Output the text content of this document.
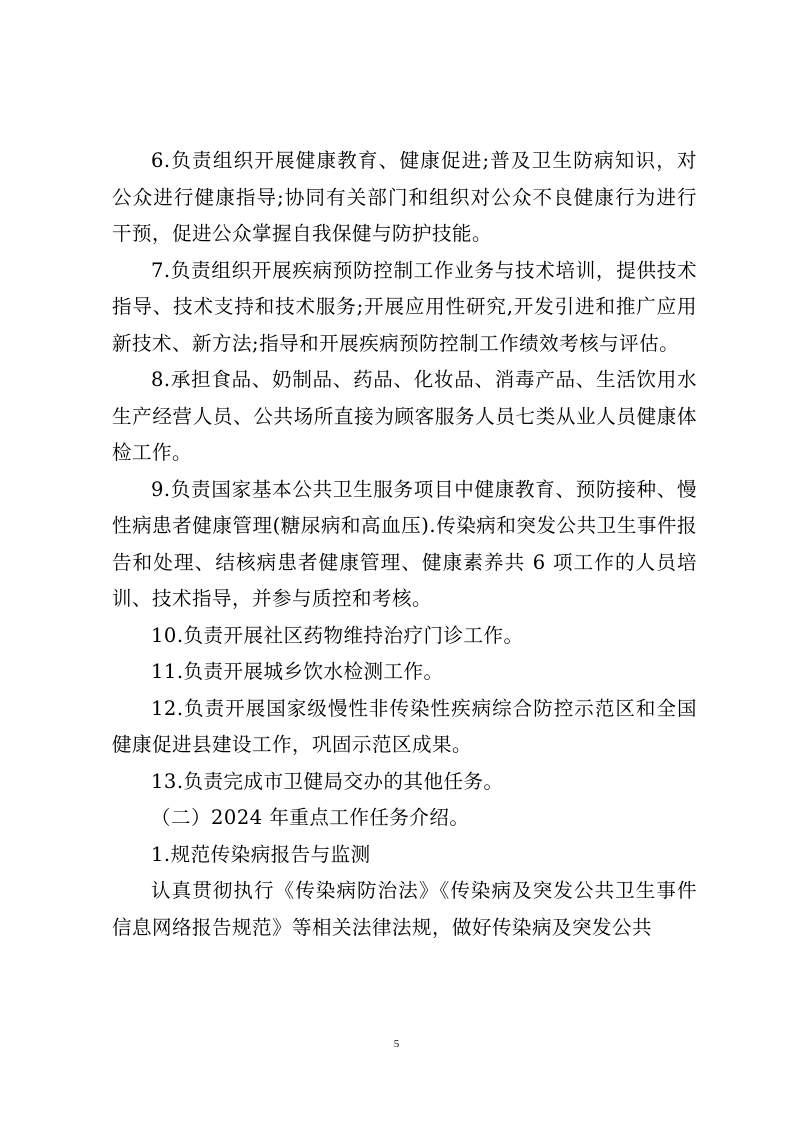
6.负责组织开展健康教育、健康促进;普及卫生防病知识，对公众进行健康指导;协同有关部门和组织对公众不良健康行为进行干预，促进公众掌握自我保健与防护技能。

7.负责组织开展疾病预防控制工作业务与技术培训，提供技术指导、技术支持和技术服务;开展应用性研究,开发引进和推广应用新技术、新方法;指导和开展疾病预防控制工作绩效考核与评估。

8.承担食品、奶制品、药品、化妆品、消毒产品、生活饮用水生产经营人员、公共场所直接为顾客服务人员七类从业人员健康体检工作。

9.负责国家基本公共卫生服务项目中健康教育、预防接种、慢性病患者健康管理(糖尿病和高血压).传染病和突发公共卫生事件报告和处理、结核病患者健康管理、健康素养共 6 项工作的人员培训、技术指导，并参与质控和考核。

10.负责开展社区药物维持治疗门诊工作。

11.负责开展城乡饮水检测工作。

12.负责开展国家级慢性非传染性疾病综合防控示范区和全国健康促进县建设工作，巩固示范区成果。

13.负责完成市卫健局交办的其他任务。

（二）2024 年重点工作任务介绍。

1.规范传染病报告与监测

认真贯彻执行《传染病防治法》《传染病及突发公共卫生事件信息网络报告规范》等相关法律法规，做好传染病及突发公共

5
